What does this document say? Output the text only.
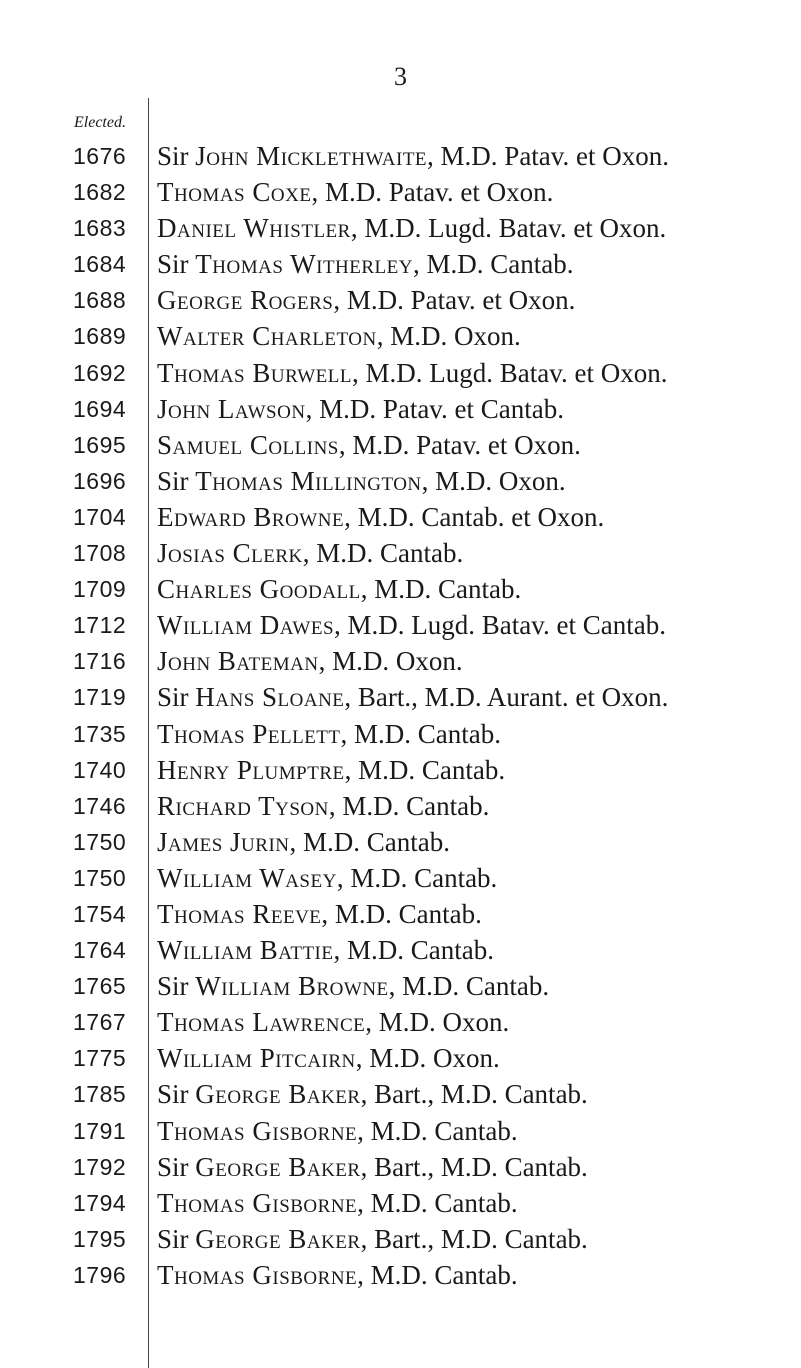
3
Elected.
1676	Sir John Micklethwaite, M.D. Patav. et Oxon.
1682	Thomas Coxe, M.D. Patav. et Oxon.
1683	Daniel Whistler, M.D. Lugd. Batav. et Oxon.
1684	Sir Thomas Witherley, M.D. Cantab.
1688	George Rogers, M.D. Patav. et Oxon.
1689	Walter Charleton, M.D. Oxon.
1692	Thomas Burwell, M.D. Lugd. Batav. et Oxon.
1694	John Lawson, M.D. Patav. et Cantab.
1695	Samuel Collins, M.D. Patav. et Oxon.
1696	Sir Thomas Millington, M.D. Oxon.
1704	Edward Browne, M.D. Cantab. et Oxon.
1708	Josias Clerk, M.D. Cantab.
1709	Charles Goodall, M.D. Cantab.
1712	William Dawes, M.D. Lugd. Batav. et Cantab.
1716	John Bateman, M.D. Oxon.
1719	Sir Hans Sloane, Bart., M.D. Aurant. et Oxon.
1735	Thomas Pellett, M.D. Cantab.
1740	Henry Plumptre, M.D. Cantab.
1746	Richard Tyson, M.D. Cantab.
1750	James Jurin, M.D. Cantab.
1750	William Wasey, M.D. Cantab.
1754	Thomas Reeve, M.D. Cantab.
1764	William Battie, M.D. Cantab.
1765	Sir William Browne, M.D. Cantab.
1767	Thomas Lawrence, M.D. Oxon.
1775	William Pitcairn, M.D. Oxon.
1785	Sir George Baker, Bart., M.D. Cantab.
1791	Thomas Gisborne, M.D. Cantab.
1792	Sir George Baker, Bart., M.D. Cantab.
1794	Thomas Gisborne, M.D. Cantab.
1795	Sir George Baker, Bart., M.D. Cantab.
1796	Thomas Gisborne, M.D. Cantab.
